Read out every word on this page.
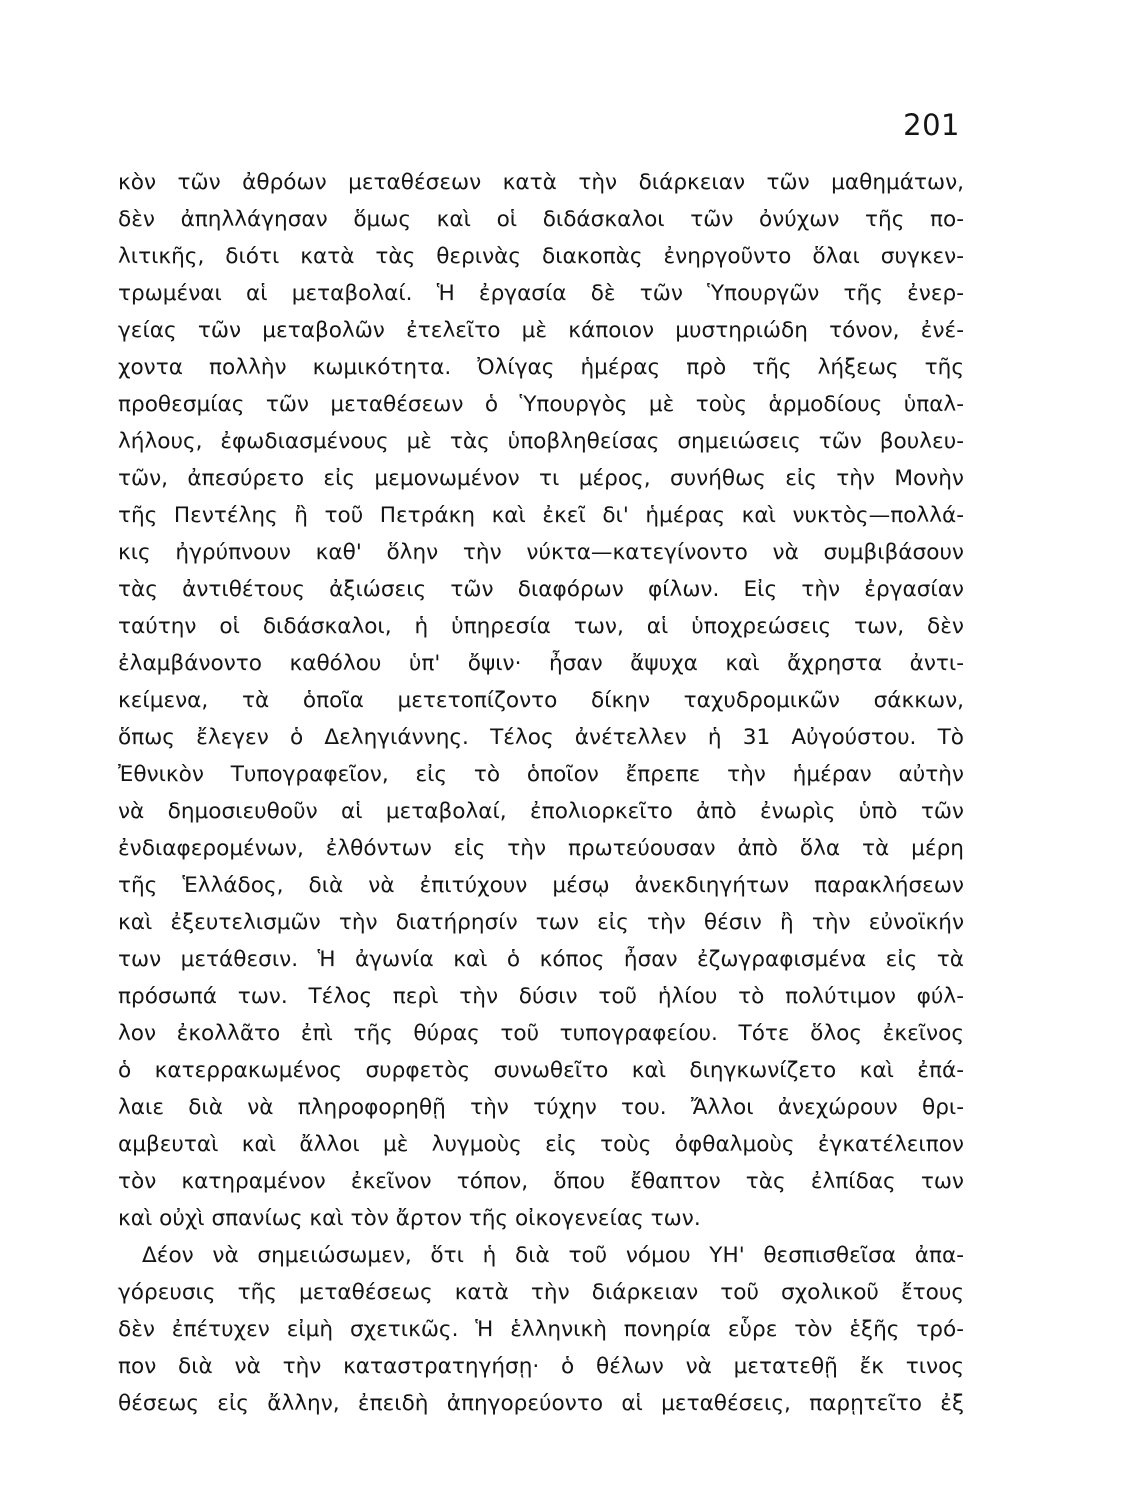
201
κὸν τῶν ἀθρόων μεταθέσεων κατὰ τὴν διάρκειαν τῶν μαθημάτων,
δὲν ἀπηλλάγησαν ὅμως καὶ οἱ διδάσκαλοι τῶν ὀνύχων τῆς πο-
λιτικῆς, διότι κατὰ τὰς θερινὰς διακοπὰς ἐνηργοῦντο ὅλαι συγκεν-
τρωμέναι αἱ μεταβολαί. Ἡ ἐργασία δὲ τῶν Ὑπουργῶν τῆς ἐνερ-
γείας τῶν μεταβολῶν ἐτελεῖτο μὲ κάποιον μυστηριώδη τόνον, ἐνέ-
χοντα πολλὴν κωμικότητα. Ὀλίγας ἡμέρας πρὸ τῆς λήξεως τῆς
προθεσμίας τῶν μεταθέσεων ὁ Ὑπουργὸς μὲ τοὺς ἁρμοδίους ὑπαλ-
λήλους, ἐφωδιασμένους μὲ τὰς ὑποβληθείσας σημειώσεις τῶν βουλευ-
τῶν, ἀπεσύρετο εἰς μεμονωμένον τι μέρος, συνήθως εἰς τὴν Μονὴν
τῆς Πεντέλης ἢ τοῦ Πετράκη καὶ ἐκεῖ δι' ἡμέρας καὶ νυκτὸς—πολλά-
κις ἠγρύπνουν καθ' ὅλην τὴν νύκτα—κατεγίνοντο νὰ συμβιβάσουν
τὰς ἀντιθέτους ἀξιώσεις τῶν διαφόρων φίλων. Εἰς τὴν ἐργασίαν
ταύτην οἱ διδάσκαλοι, ἡ ὑπηρεσία των, αἱ ὑποχρεώσεις των, δὲν
ἐλαμβάνοντο καθόλου ὑπ' ὄψιν· ἦσαν ἄψυχα καὶ ἄχρηστα ἀντι-
κείμενα, τὰ ὁποῖα μετετοπίζοντο δίκην ταχυδρομικῶν σάκκων,
ὅπως ἔλεγεν ὁ Δεληγιάννης. Τέλος ἀνέτελλεν ἡ 31 Αὐγούστου. Τὸ
Ἐθνικὸν Τυπογραφεῖον, εἰς τὸ ὁποῖον ἔπρεπε τὴν ἡμέραν αὐτὴν
νὰ δημοσιευθοῦν αἱ μεταβολαί, ἐπολιορκεῖτο ἀπὸ ἐνωρὶς ὑπὸ τῶν
ἐνδιαφερομένων, ἐλθόντων εἰς τὴν πρωτεύουσαν ἀπὸ ὅλα τὰ μέρη
τῆς Ἑλλάδος, διὰ νὰ ἐπιτύχουν μέσῳ ἀνεκδιηγήτων παρακλήσεων
καὶ ἐξευτελισμῶν τὴν διατήρησίν των εἰς τὴν θέσιν ἢ τὴν εὐνοϊκήν
των μετάθεσιν. Ἡ ἀγωνία καὶ ὁ κόπος ἦσαν ἐζωγραφισμένα εἰς τὰ
πρόσωπά των. Τέλος περὶ τὴν δύσιν τοῦ ἡλίου τὸ πολύτιμον φύλ-
λον ἐκολλᾶτο ἐπὶ τῆς θύρας τοῦ τυπογραφείου. Τότε ὅλος ἐκεῖνος
ὁ κατερρακωμένος συρφετὸς συνωθεῖτο καὶ διηγκωνίζετο καὶ ἐπά-
λαιε διὰ νὰ πληροφορηθῇ τὴν τύχην του. Ἄλλοι ἀνεχώρουν θρι-
αμβευταὶ καὶ ἄλλοι μὲ λυγμοὺς εἰς τοὺς ὀφθαλμοὺς ἐγκατέλειπον
τὸν κατηραμένον ἐκεῖνον τόπον, ὅπου ἔθαπτον τὰς ἐλπίδας των
καὶ οὐχὶ σπανίως καὶ τὸν ἄρτον τῆς οἰκογενείας των.
Δέον νὰ σημειώσωμεν, ὅτι ἡ διὰ τοῦ νόμου ΥΗ' θεσπισθεῖσα ἀπα-
γόρευσις τῆς μεταθέσεως κατὰ τὴν διάρκειαν τοῦ σχολικοῦ ἔτους
δὲν ἐπέτυχεν εἰμὴ σχετικῶς. Ἡ ἑλληνικὴ πονηρία εὗρε τὸν ἑξῆς τρό-
πον διὰ νὰ τὴν καταστρατηγήσῃ· ὁ θέλων νὰ μετατεθῇ ἔκ τινος
θέσεως εἰς ἄλλην, ἐπειδὴ ἀπηγορεύοντο αἱ μεταθέσεις, παρῃτεῖτο ἐξ
